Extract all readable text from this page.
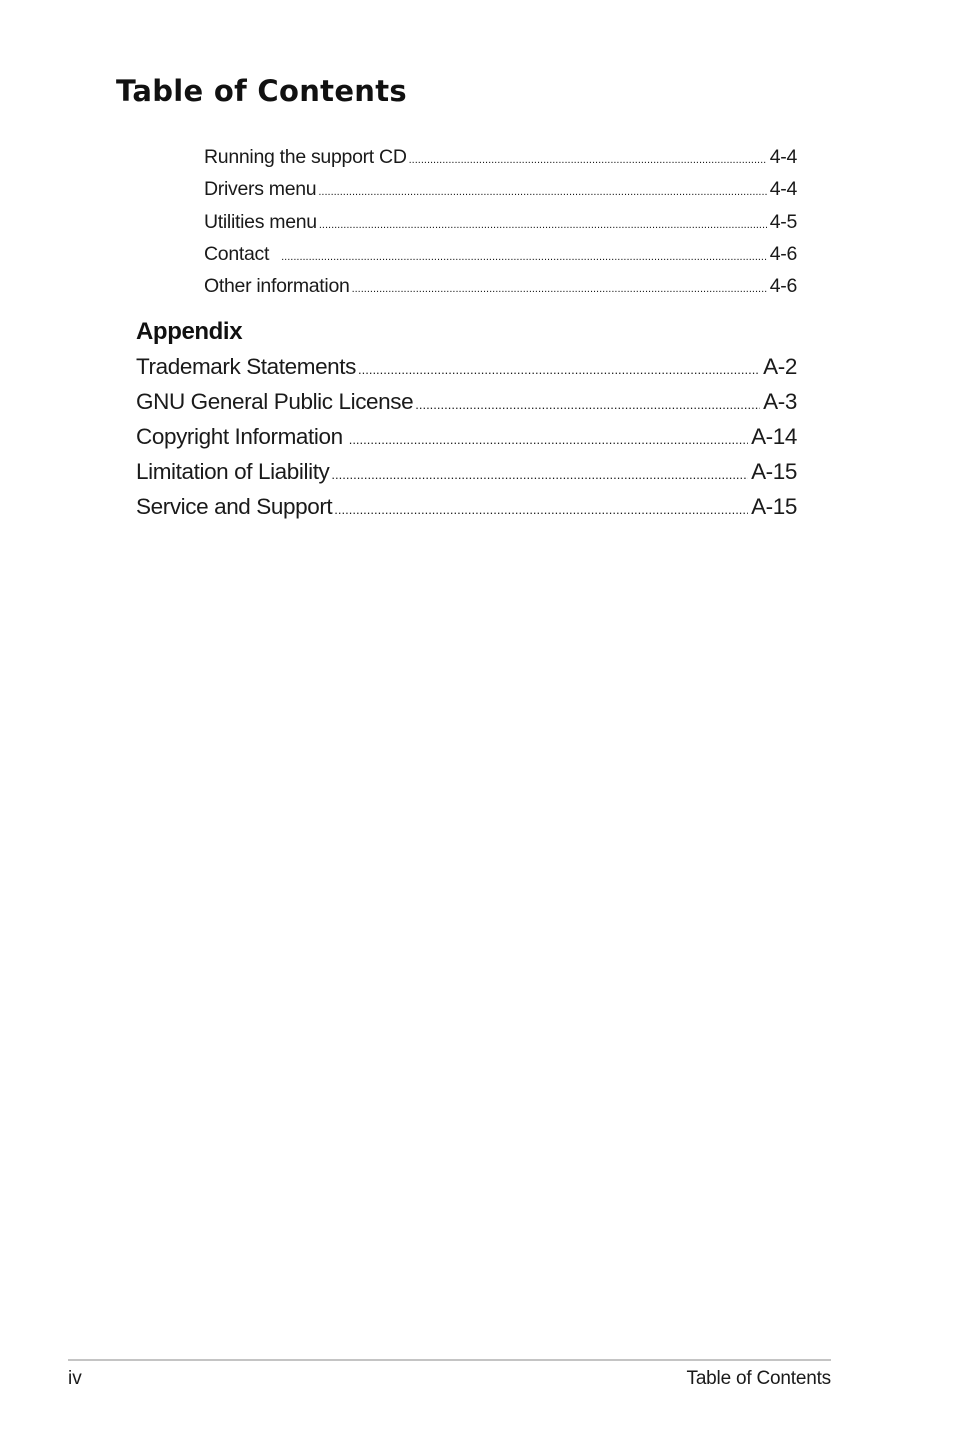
Table of Contents
Running the support CD .....	4-4
Drivers menu .....	4-4
Utilities menu .....	4-5
Contact .....	4-6
Other information .....	4-6
Appendix
Trademark Statements .....	A-2
GNU General Public License .....	A-3
Copyright Information .....	A-14
Limitation of Liability .....	A-15
Service and Support .....	A-15
iv	Table of Contents
